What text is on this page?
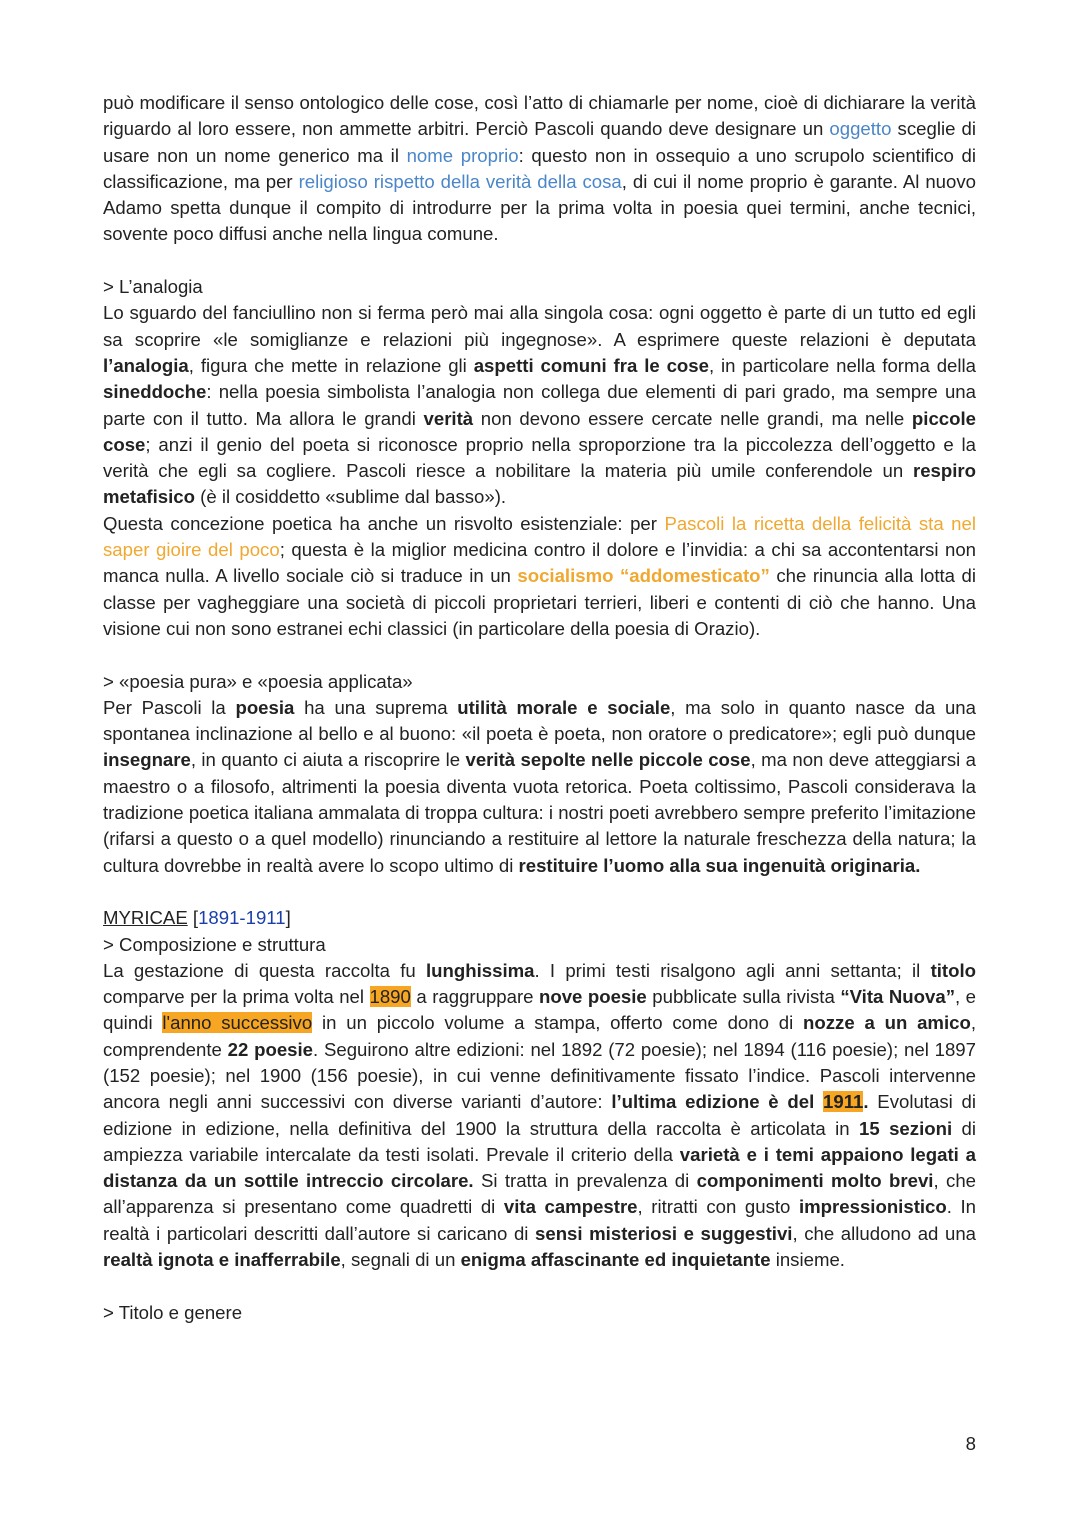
può modificare il senso ontologico delle cose, così l’atto di chiamarle per nome, cioè di dichiarare la verità riguardo al loro essere, non ammette arbitri. Perciò Pascoli quando deve designare un oggetto sceglie di usare non un nome generico ma il nome proprio: questo non in ossequio a uno scrupolo scientifico di classificazione, ma per religioso rispetto della verità della cosa, di cui il nome proprio è garante. Al nuovo Adamo spetta dunque il compito di introdurre per la prima volta in poesia quei termini, anche tecnici, sovente poco diffusi anche nella lingua comune.

> L’analogia

Lo sguardo del fanciullino non si ferma però mai alla singola cosa: ogni oggetto è parte di un tutto ed egli sa scoprire «le somiglianze e relazioni più ingegnose». A esprimere queste relazioni è deputata l’analogia, figura che mette in relazione gli aspetti comuni fra le cose, in particolare nella forma della sineddoche: nella poesia simbolista l’analogia non collega due elementi di pari grado, ma sempre una parte con il tutto. Ma allora le grandi verità non devono essere cercate nelle grandi, ma nelle piccole cose; anzi il genio del poeta si riconosce proprio nella sproporzione tra la piccolezza dell’oggetto e la verità che egli sa cogliere. Pascoli riesce a nobilitare la materia più umile conferendole un respiro metafisico (è il cosiddetto «sublime dal basso»).

Questa concezione poetica ha anche un risvolto esistenziale: per Pascoli la ricetta della felicità sta nel saper gioire del poco; questa è la miglior medicina contro il dolore e l’invidia: a chi sa accontentarsi non manca nulla. A livello sociale ciò si traduce in un socialismo “addomesticato” che rinuncia alla lotta di classe per vagheggiare una società di piccoli proprietari terrieri, liberi e contenti di ciò che hanno. Una visione cui non sono estranei echi classici (in particolare della poesia di Orazio).

> «poesia pura» e «poesia applicata»

Per Pascoli la poesia ha una suprema utilità morale e sociale, ma solo in quanto nasce da una spontanea inclinazione al bello e al buono: «il poeta è poeta, non oratore o predicatore»; egli può dunque insegnare, in quanto ci aiuta a riscoprire le verità sepolte nelle piccole cose, ma non deve atteggiarsi a maestro o a filosofo, altrimenti la poesia diventa vuota retorica. Poeta coltissimo, Pascoli considerava la tradizione poetica italiana ammalata di troppa cultura: i nostri poeti avrebbero sempre preferito l’imitazione (rifarsi a questo o a quel modello) rinunciando a restituire al lettore la naturale freschezza della natura; la cultura dovrebbe in realtà avere lo scopo ultimo di restituire l’uomo alla sua ingenuità originaria.

MYRICAE [1891-1911]

> Composizione e struttura

La gestazione di questa raccolta fu lunghissima. I primi testi risalgono agli anni settanta; il titolo comparve per la prima volta nel 1890 a raggruppare nove poesie pubblicate sulla rivista “Vita Nuova”, e quindi l'anno successivo in un piccolo volume a stampa, offerto come dono di nozze a un amico, comprendente 22 poesie. Seguirono altre edizioni: nel 1892 (72 poesie); nel 1894 (116 poesie); nel 1897 (152 poesie); nel 1900 (156 poesie), in cui venne definitivamente fissato l’indice. Pascoli intervenne ancora negli anni successivi con diverse varianti d’autore: l’ultima edizione è del 1911. Evolutasi di edizione in edizione, nella definitiva del 1900 la struttura della raccolta è articolata in 15 sezioni di ampiezza variabile intercalate da testi isolati. Prevale il criterio della varietà e i temi appaiono legati a distanza da un sottile intreccio circolare. Si tratta in prevalenza di componimenti molto brevi, che all’apparenza si presentano come quadretti di vita campestre, ritratti con gusto impressionistico. In realtà i particolari descritti dall’autore si caricano di sensi misteriosi e suggestivi, che alludono ad una realtà ignota e inafferrabile, segnali di un enigma affascinante ed inquietante insieme.

> Titolo e genere

8
